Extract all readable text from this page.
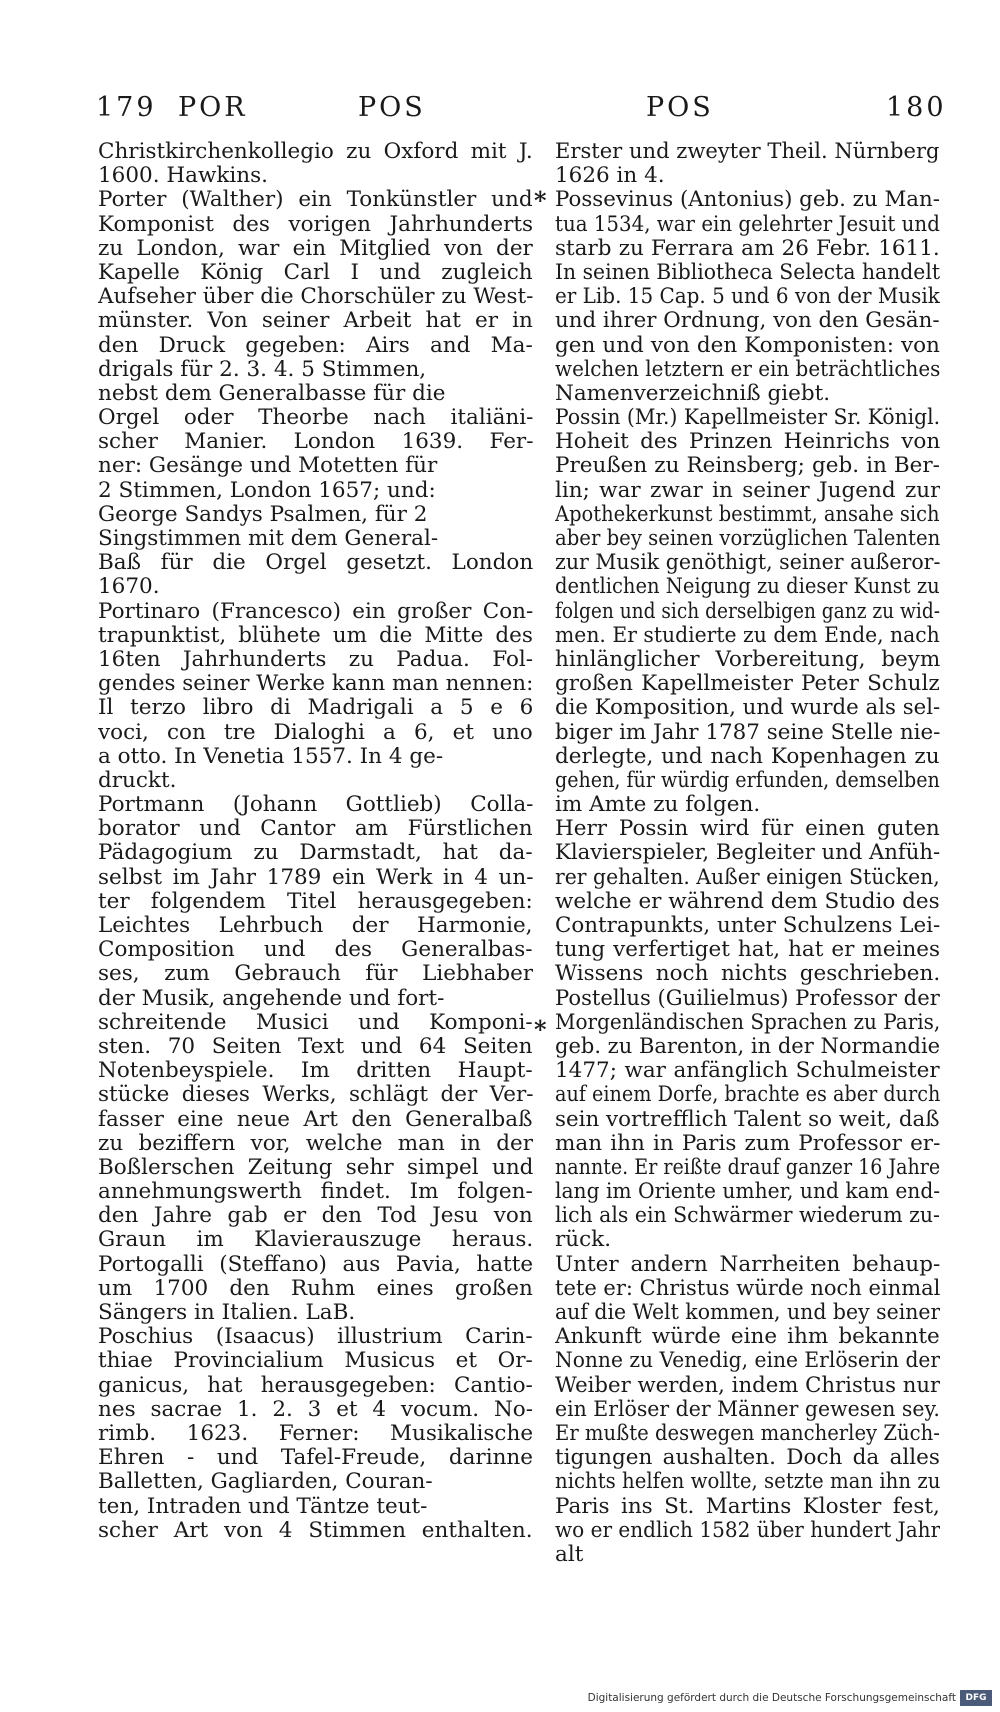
179 POR	POS	POS	180
Christkirchenkollegio zu Oxford mit J.
1600. Hawkins.
Porter (Walther) ein Tonkünstler und
Komponist des vorigen Jahrhunderts
zu London, war ein Mitglied von der
Kapelle König Carl I und zugleich
Aufseher über die Chorschüler zu West-
münster. Von seiner Arbeit hat er in
den Druck gegeben: Airs and Ma-
drigals für 2. 3. 4. 5 Stimmen,
nebst dem Generalbasse für die
Orgel oder Theorbe nach italiäni-
scher Manier. London 1639. Fer-
ner: Gesänge und Motetten für
2 Stimmen, London 1657; und:
George Sandys Psalmen, für 2
Singstimmen mit dem General-
Baß für die Orgel gesetzt. London
1670.
Portinaro (Francesco) ein großer Con-
trapunktist, blühete um die Mitte des
16ten Jahrhunderts zu Padua. Fol-
gendes seiner Werke kann man nennen:
Il terzo libro di Madrigali a 5 e 6
voci, con tre Dialoghi a 6, et uno
a otto. In Venetia 1557. In 4 ge-
druckt.
Portmann (Johann Gottlieb) Colla-
borator und Cantor am Fürstlichen
Pädagogium zu Darmstadt, hat da-
selbst im Jahr 1789 ein Werk in 4 un-
ter folgendem Titel herausgegeben:
Leichtes Lehrbuch der Harmonie,
Composition und des Generalbas-
ses, zum Gebrauch für Liebhaber
der Musik, angehende und fort-
schreitende Musici und Komponi-
sten. 70 Seiten Text und 64 Seiten
Notenbeyspiele. Im dritten Haupt-
stücke dieses Werks, schlägt der Ver-
fasser eine neue Art den Generalbaß
zu beziffern vor, welche man in der
Boßlerschen Zeitung sehr simpel und
annehmungswerth findet. Im folgen-
den Jahre gab er den Tod Jesu von
Graun im Klavierauszuge heraus.
Portogalli (Steffano) aus Pavia, hatte
um 1700 den Ruhm eines großen
Sängers in Italien. LaB.
Poschius (Isaacus) illustrium Carin-
thiae Provincialium Musicus et Or-
ganicus, hat herausgegeben: Cantio-
nes sacrae 1. 2. 3 et 4 vocum. No-
rimb. 1623. Ferner: Musikalische
Ehren - und Tafel-Freude, darinne
Balletten, Gagliarden, Couran-
ten, Intraden und Täntze teut-
scher Art von 4 Stimmen enthalten.
Erster und zweyter Theil. Nürnberg
1626 in 4.
Possevinus (Antonius) geb. zu Man-
tua 1534, war ein gelehrter Jesuit und
starb zu Ferrara am 26 Febr. 1611.
In seinen Bibliotheca Selecta handelt
er Lib. 15 Cap. 5 und 6 von der Musik
und ihrer Ordnung, von den Gesän-
gen und von den Komponisten: von
welchen letztern er ein beträchtliches
Namenverzeichniß giebt.
Possin (Mr.) Kapellmeister Sr. Königl.
Hoheit des Prinzen Heinrichs von
Preußen zu Reinsberg; geb. in Ber-
lin; war zwar in seiner Jugend zur
Apothekerkunst bestimmt, ansahe sich
aber bey seinen vorzüglichen Talenten
zur Musik genöthigt, seiner außeror-
dentlichen Neigung zu dieser Kunst zu
folgen und sich derselbigen ganz zu wid-
men. Er studierte zu dem Ende, nach
hinlänglicher Vorbereitung, beym
großen Kapellmeister Peter Schulz
die Komposition, und wurde als sel-
biger im Jahr 1787 seine Stelle nie-
derlegte, und nach Kopenhagen zu
gehen, für würdig erfunden, demselben
im Amte zu folgen.
Herr Possin wird für einen guten
Klavierspieler, Begleiter und Anfüh-
rer gehalten. Außer einigen Stücken,
welche er während dem Studio des
Contrapunkts, unter Schulzens Lei-
tung verfertiget hat, hat er meines
Wissens noch nichts geschrieben.
Postellus (Guilielmus) Professor der
Morgenländischen Sprachen zu Paris,
geb. zu Barenton, in der Normandie
1477; war anfänglich Schulmeister
auf einem Dorfe, brachte es aber durch
sein vortrefflich Talent so weit, daß
man ihn in Paris zum Professor er-
nannte. Er reißte drauf ganzer 16 Jahre
lang im Oriente umher, und kam end-
lich als ein Schwärmer wiederum zu-
rück.
Unter andern Narrheiten behaup-
tete er: Christus würde noch einmal
auf die Welt kommen, und bey seiner
Ankunft würde eine ihm bekannte
Nonne zu Venedig, eine Erlöserin der
Weiber werden, indem Christus nur
ein Erlöser der Männer gewesen sey.
Er mußte deswegen mancherley Züch-
tigungen aushalten. Doch da alles
nichts helfen wollte, setzte man ihn zu
Paris ins St. Martins Kloster fest,
wo er endlich 1582 über hundert Jahr
alt
*
*
Digitalisierung gefördert durch die Deutsche Forschungsgemeinschaft	DFG
